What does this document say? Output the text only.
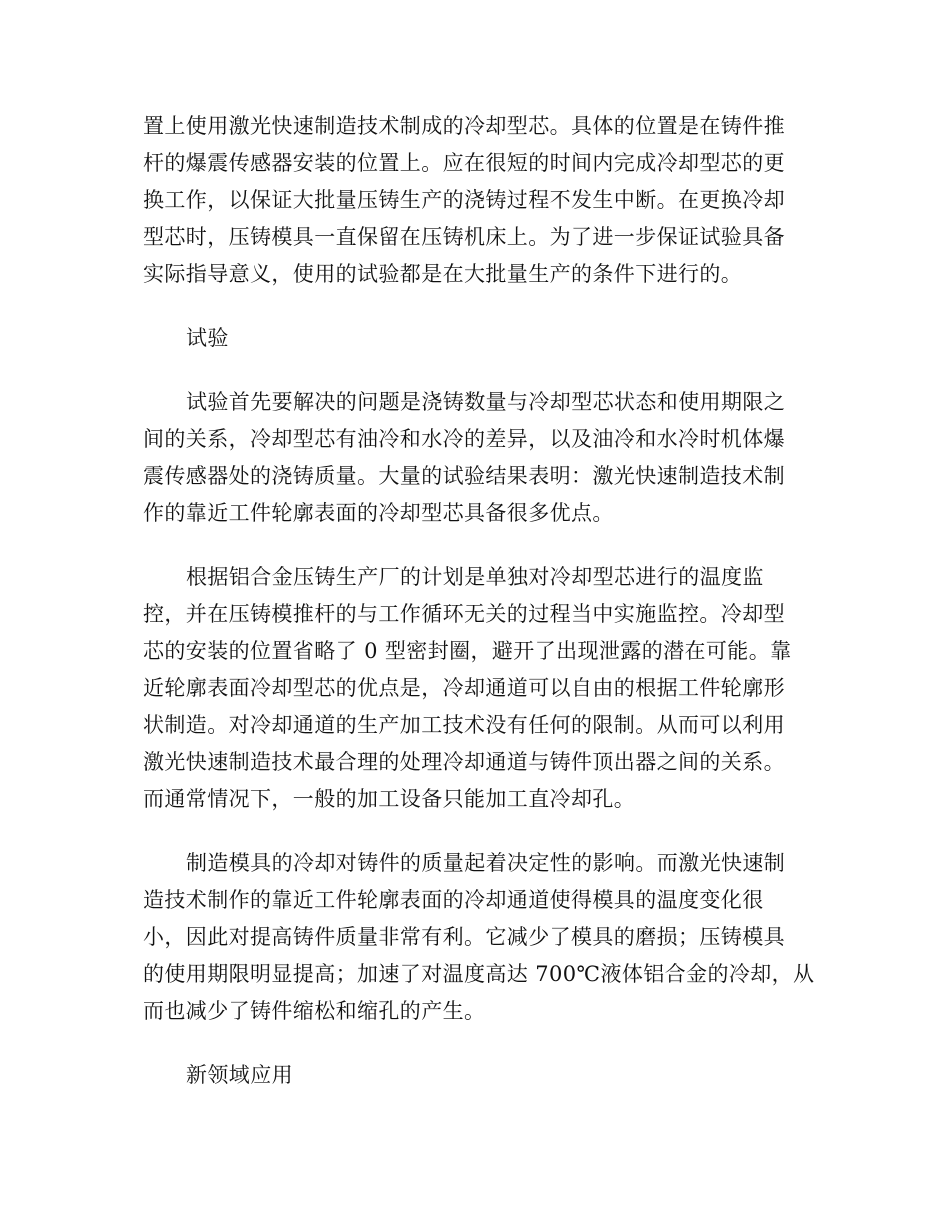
置上使用激光快速制造技术制成的冷却型芯。具体的位置是在铸件推
杆的爆震传感器安装的位置上。应在很短的时间内完成冷却型芯的更
换工作，以保证大批量压铸生产的浇铸过程不发生中断。在更换冷却
型芯时，压铸模具一直保留在压铸机床上。为了进一步保证试验具备
实际指导意义，使用的试验都是在大批量生产的条件下进行的。
试验
试验首先要解决的问题是浇铸数量与冷却型芯状态和使用期限之
间的关系，冷却型芯有油冷和水冷的差异，以及油冷和水冷时机体爆
震传感器处的浇铸质量。大量的试验结果表明：激光快速制造技术制
作的靠近工件轮廓表面的冷却型芯具备很多优点。
根据铝合金压铸生产厂的计划是单独对冷却型芯进行的温度监
控，并在压铸模推杆的与工作循环无关的过程当中实施监控。冷却型
芯的安装的位置省略了 0 型密封圈，避开了出现泄露的潜在可能。靠
近轮廓表面冷却型芯的优点是，冷却通道可以自由的根据工件轮廓形
状制造。对冷却通道的生产加工技术没有任何的限制。从而可以利用
激光快速制造技术最合理的处理冷却通道与铸件顶出器之间的关系。
而通常情况下，一般的加工设备只能加工直冷却孔。
制造模具的冷却对铸件的质量起着决定性的影响。而激光快速制
造技术制作的靠近工件轮廓表面的冷却通道使得模具的温度变化很
小，因此对提高铸件质量非常有利。它减少了模具的磨损；压铸模具
的使用期限明显提高；加速了对温度高达 700℃液体铝合金的冷却，从
而也减少了铸件缩松和缩孔的产生。
新领域应用
